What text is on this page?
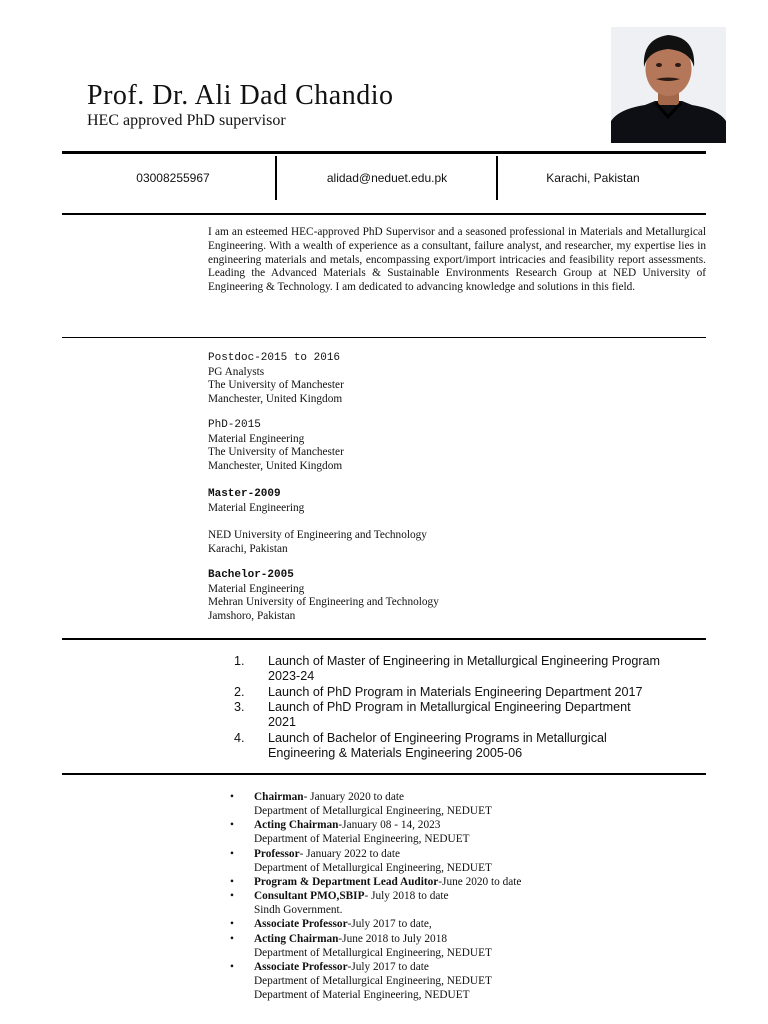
Prof. Dr. Ali Dad Chandio
HEC approved PhD supervisor
03008255967	alidad@neduet.edu.pk	Karachi, Pakistan
I am an esteemed HEC-approved PhD Supervisor and a seasoned professional in Materials and Metallurgical Engineering. With a wealth of experience as a consultant, failure analyst, and researcher, my expertise lies in engineering materials and metals, encompassing export/import intricacies and feasibility report assessments. Leading the Advanced Materials & Sustainable Environments Research Group at NED University of Engineering & Technology. I am dedicated to advancing knowledge and solutions in this field.
Postdoc-2015 to 2016
PG Analysts
The University of Manchester
Manchester, United Kingdom
PhD-2015
Material Engineering
The University of Manchester
Manchester, United Kingdom
Master-2009
Material Engineering
NED University of Engineering and Technology
Karachi, Pakistan
Bachelor-2005
Material Engineering
Mehran University of Engineering and Technology
Jamshoro, Pakistan
1. Launch of Master of Engineering in Metallurgical Engineering Program
2023-24
2. Launch of PhD Program in Materials Engineering Department 2017
3. Launch of PhD Program in Metallurgical Engineering Department
2021
4. Launch of Bachelor of Engineering Programs in Metallurgical
Engineering & Materials Engineering 2005-06
• Chairman- January 2020 to date
Department of Metallurgical Engineering, NEDUET
• Acting Chairman-January 08 - 14, 2023
Department of Material Engineering, NEDUET
• Professor- January 2022 to date
Department of Metallurgical Engineering, NEDUET
• Program & Department Lead Auditor-June 2020 to date
• Consultant PMO,SBIP- July 2018 to date
Sindh Government.
• Associate Professor-July 2017 to date,
• Acting Chairman-June 2018 to July 2018
Department of Metallurgical Engineering, NEDUET
• Associate Professor-July 2017 to date
Department of Metallurgical Engineering, NEDUET
Department of Material Engineering, NEDUET
